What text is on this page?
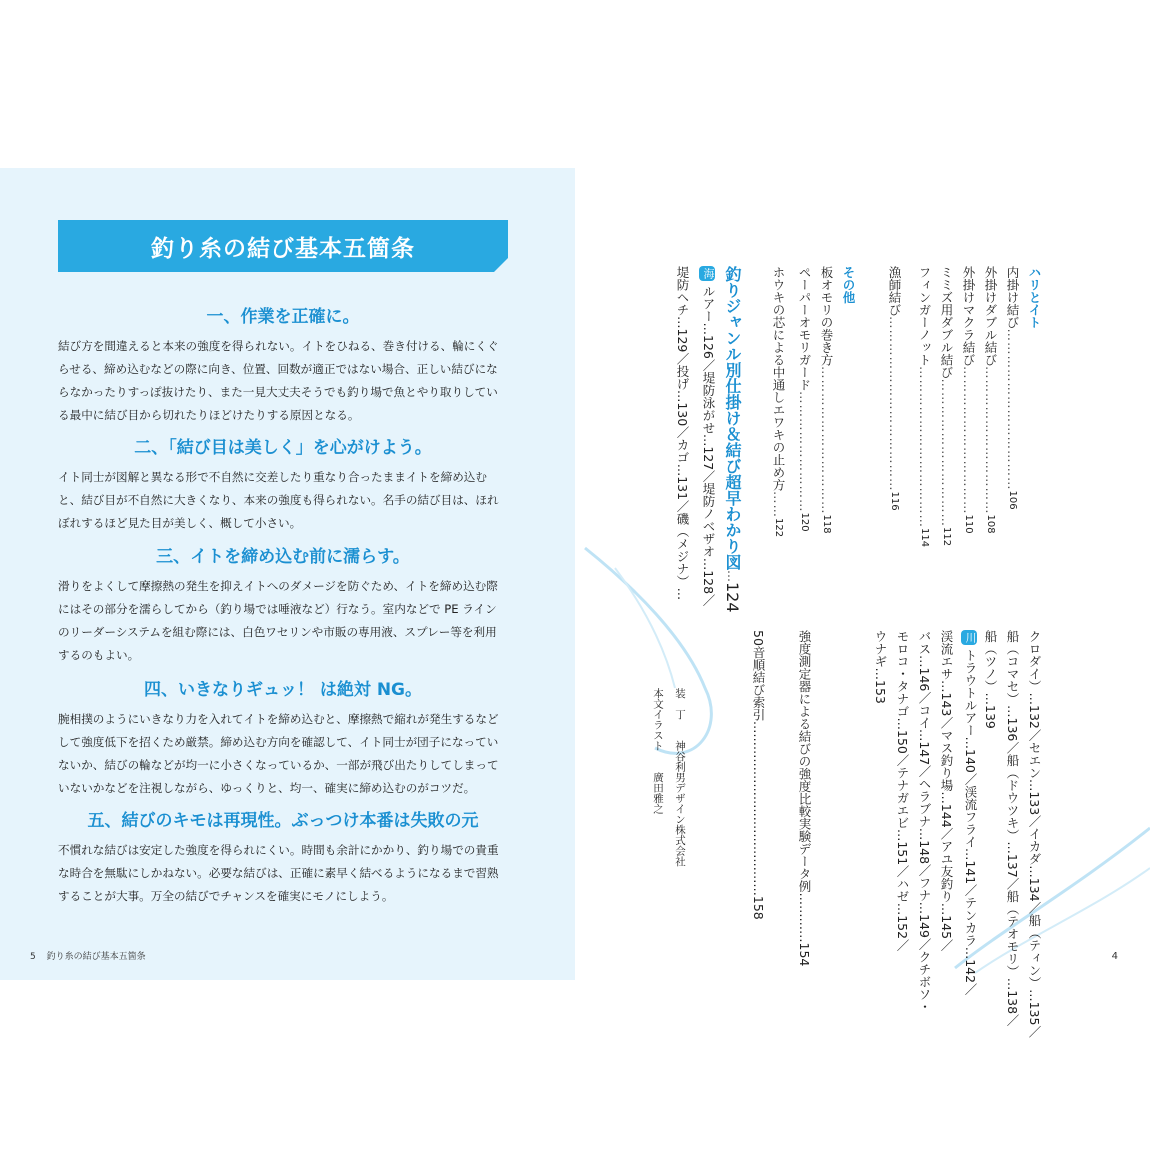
釣り糸の結び基本五箇条
一、作業を正確に。

結び方を間違えると本来の強度を得られない。イトをひねる、巻き付ける、輪にくぐらせる、締め込むなどの際に向き、位置、回数が適正ではない場合、正しい結びにならなかったりすっぽ抜けたり、また一見大丈夫そうでも釣り場で魚とやり取りしている最中に結び目から切れたりほどけたりする原因となる。

二、「結び目は美しく」を心がけよう。

イト同士が図解と異なる形で不自然に交差したり重なり合ったままイトを締め込むと、結び目が不自然に大きくなり、本来の強度も得られない。名手の結び目は、ほれぼれするほど見た目が美しく、概して小さい。

三、イトを締め込む前に濡らす。

滑りをよくして摩擦熱の発生を抑えイトへのダメージを防ぐため、イトを締め込む際にはその部分を濡らしてから（釣り場では唾液など）行なう。室内などで PE ラインのリーダーシステムを組む際には、白色ワセリンや市販の専用液、スプレー等を利用するのもよい。

四、いきなりギュッ！ は絶対 NG。

腕相撲のようにいきなり力を入れてイトを締め込むと、摩擦熱で縮れが発生するなどして強度低下を招くため厳禁。締め込む方向を確認して、イト同士が団子になっていないか、結びの輪などが均一に小さくなっているか、一部が飛び出たりしてしまっていないかなどを注視しながら、ゆっくりと、均一、確実に締め込むのがコツだ。

五、結びのキモは再現性。ぶっつけ本番は失敗の元

不慣れな結びは安定した強度を得られにくい。時間も余計にかかり、釣り場での貴重な時合を無駄にしかねない。必要な結びは、正確に素早く結べるようになるまで習熟することが大事。万全の結びでチャンスを確実にモノにしよう。

5 釣り糸の結び基本五箇条
ハリとイト
内掛け結び………………………………106
外掛けダブル結び……………………………108
外掛けマクラ結び……………………………110
ミミズ用ダブル結び……………………………112
フィンガーノット………………………………114
漁師結び…………………………………116
その他
板オモリの巻き方……………………………118
ペーパーオモリガード………………………120
ホウキの芯による中通しエワキの止め方……122
釣りジャンル別仕掛け＆結び超早わかり図…124
海ルアー…126／堤防泳がせ…127／堤防ノベザオ…128／
堤防ヘチ…129／投げ…130／カゴ…131／磯（メジナ）…
クロダイ）…132／セエン…133／イカダ…134／船（ティン）…135／
船（コマセ）…136／船（ドウツキ）…137／船（テオモリ）…138／
船（ツノ）…139
川トラウトルアー…140／渓流フライ…141／テンカラ…142／
渓流エサ…143／マス釣り場…144／アユ友釣り…145／
バス…146／コイ…147／ヘラブナ…148／フナ…149／クチボソ・
モロコ・タナゴ…150／テナガエビ…151／ハゼ…152／
ウナギ…153
強度測定器による結びの強度比較実験データ例…………154
50音順結び索引……………………………………158
装　丁　　神谷利男デザイン株式会社
本文イラスト　　廣田雅之
4
